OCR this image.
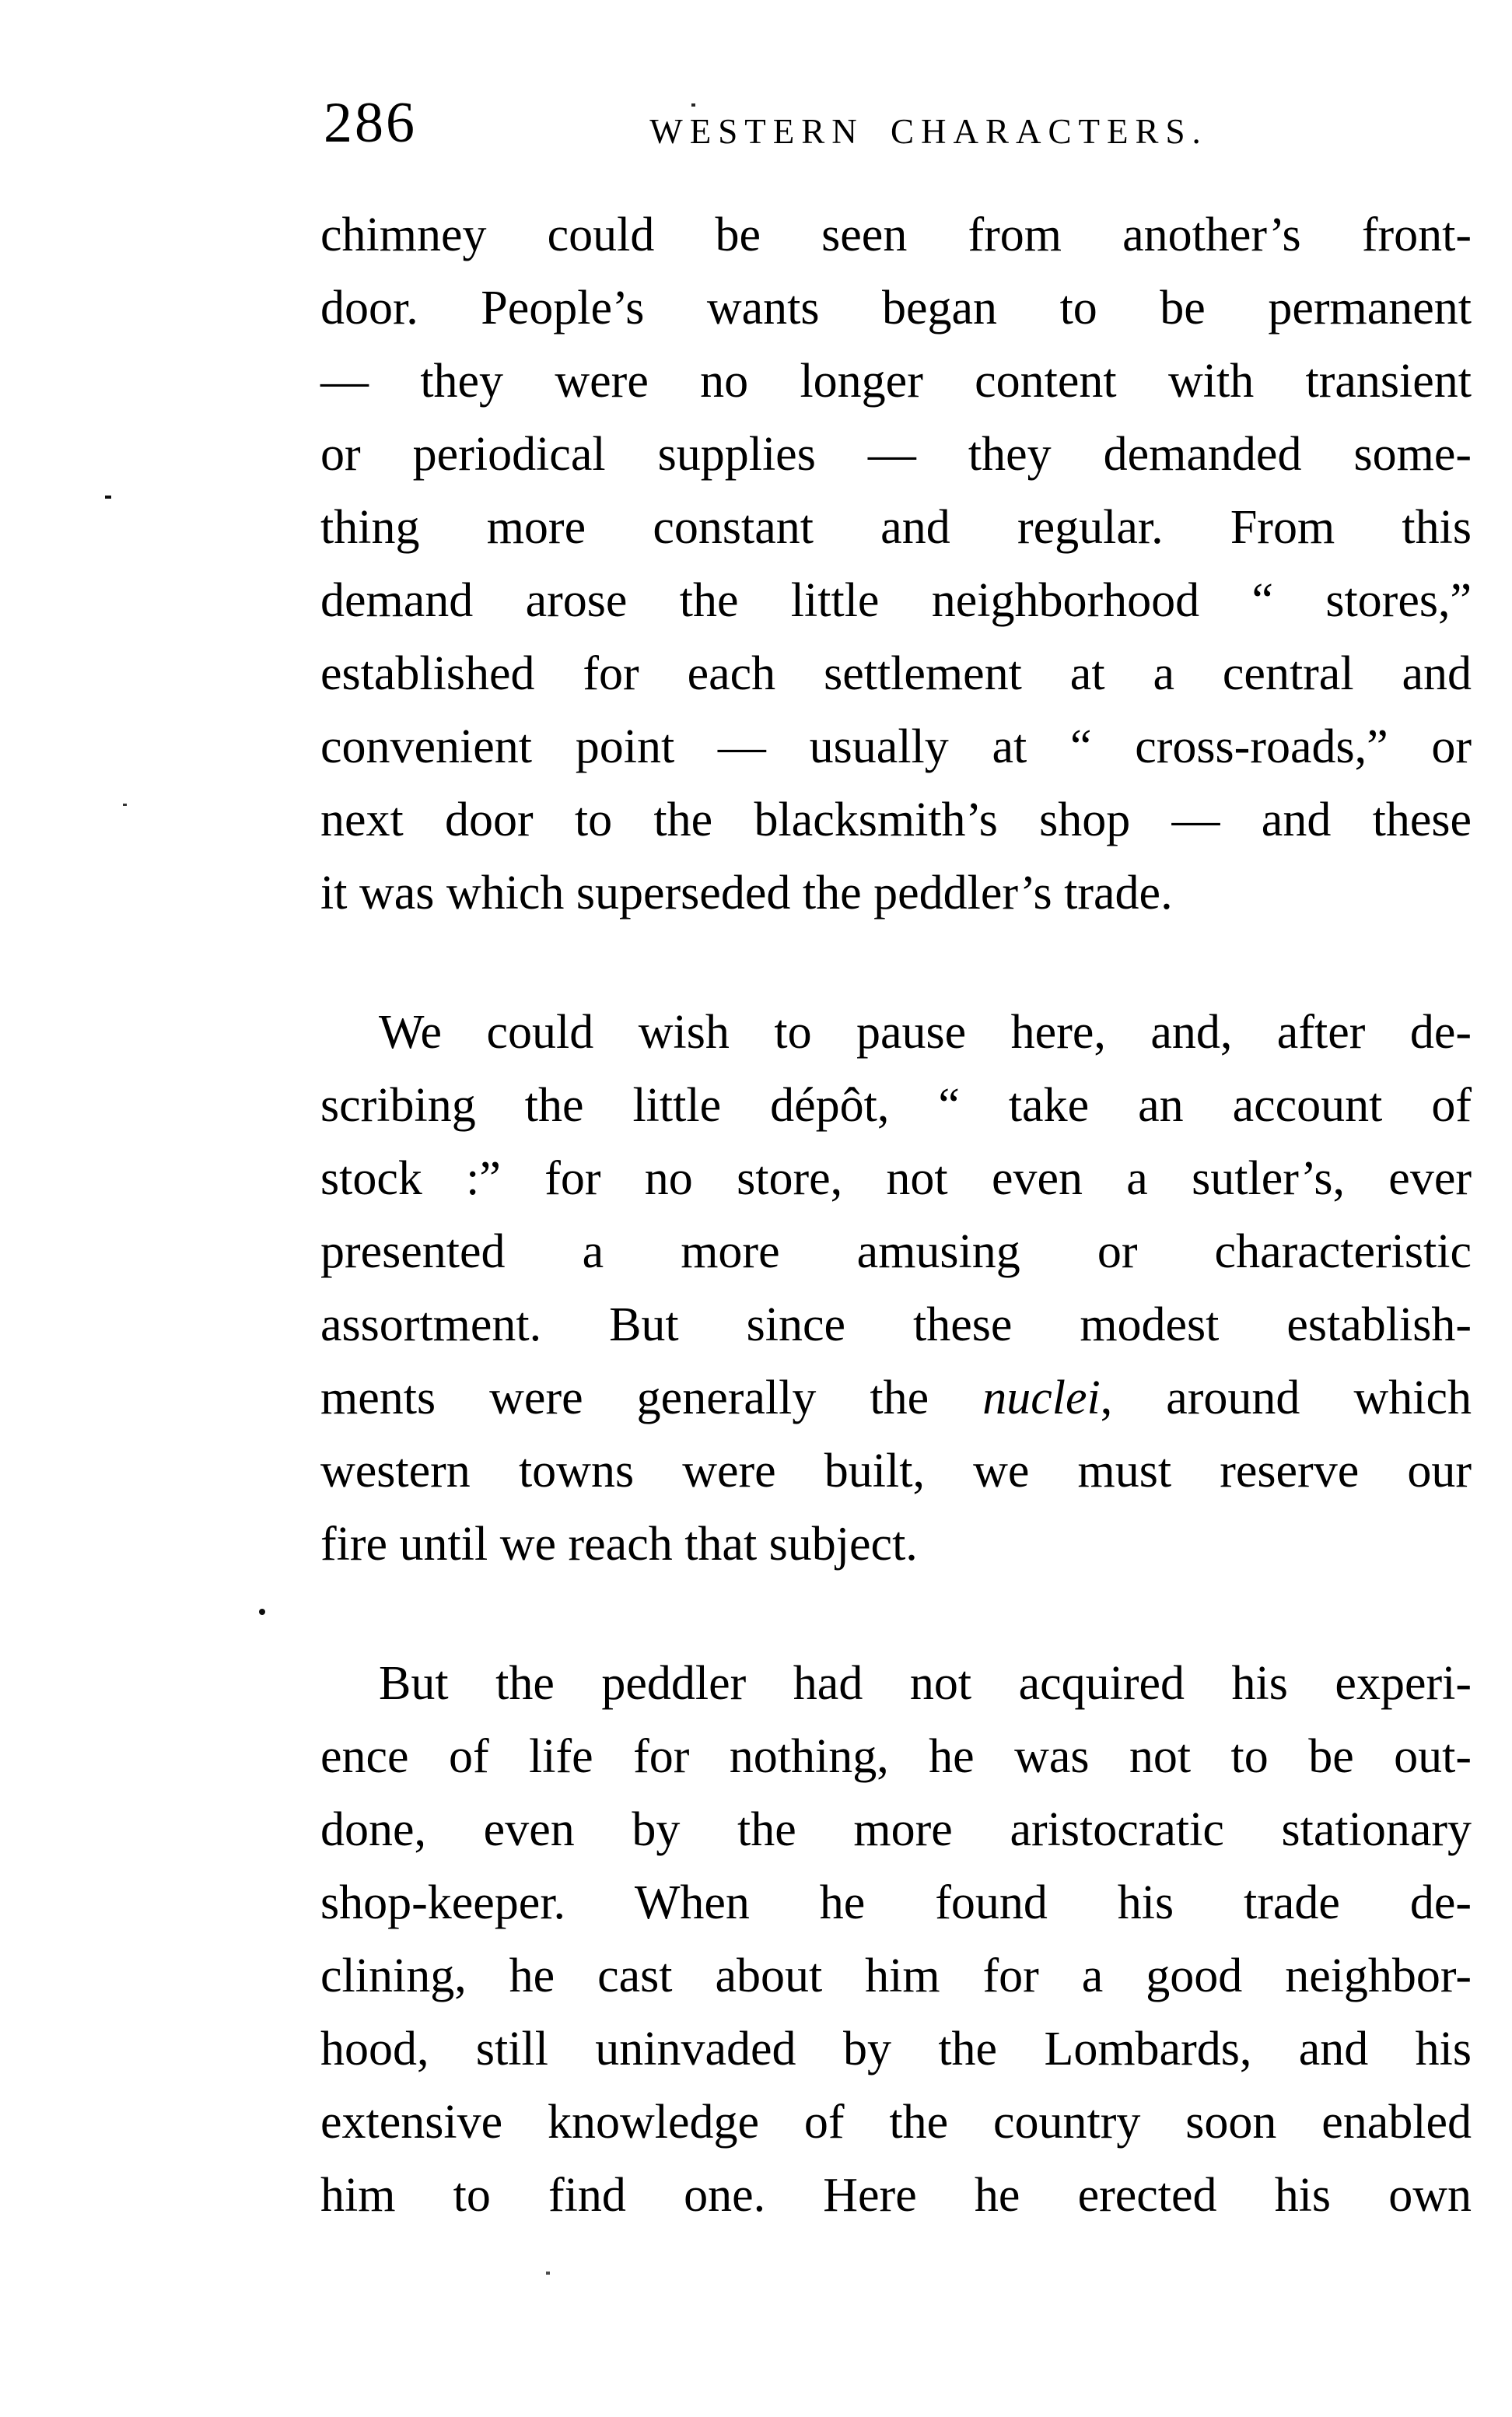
286	WESTERN CHARACTERS.
chimney could be seen from another’s front-
door. People’s wants began to be permanent
— they were no longer content with transient
or periodical supplies — they demanded some-
thing more constant and regular. From this
demand arose the little neighborhood “ stores,”
established for each settlement at a central and
convenient point — usually at “ cross-roads,” or
next door to the blacksmith’s shop — and these
it was which superseded the peddler’s trade.
We could wish to pause here, and, after de-
scribing the little dépôt, “ take an account of
stock :” for no store, not even a sutler’s, ever
presented a more amusing or characteristic
assortment. But since these modest establish-
ments were generally the nuclei, around which
western towns were built, we must reserve our
fire until we reach that subject.
But the peddler had not acquired his experi-
ence of life for nothing, he was not to be out-
done, even by the more aristocratic stationary
shop-keeper. When he found his trade de-
clining, he cast about him for a good neighbor-
hood, still uninvaded by the Lombards, and his
extensive knowledge of the country soon enabled
him to find one. Here he erected his own
